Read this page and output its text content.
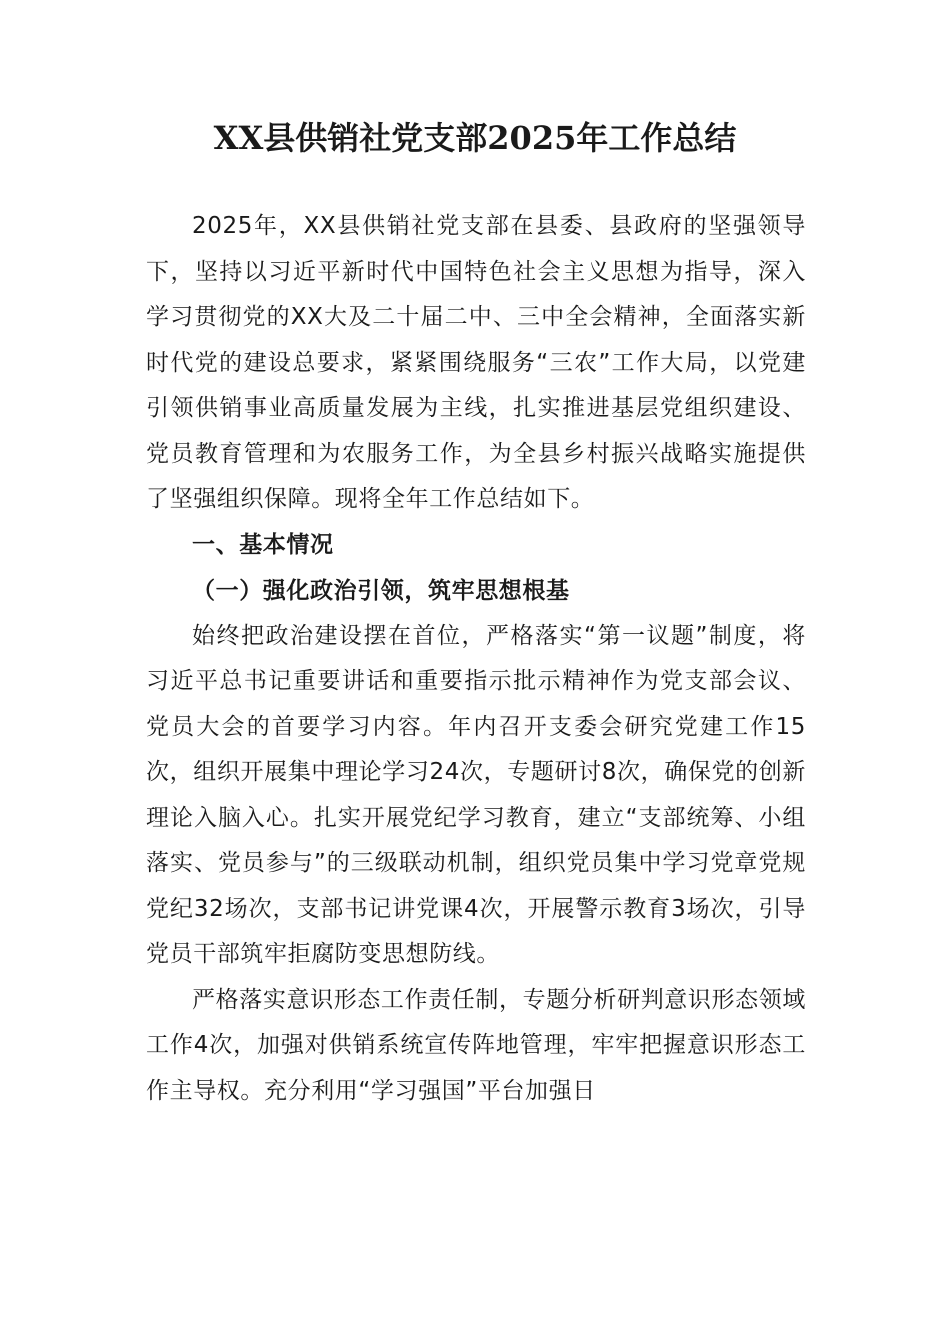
XX县供销社党支部2025年工作总结

2025年，XX县供销社党支部在县委、县政府的坚强领导下，坚持以习近平新时代中国特色社会主义思想为指导，深入学习贯彻党的XX大及二十届二中、三中全会精神，全面落实新时代党的建设总要求，紧紧围绕服务“三农”工作大局，以党建引领供销事业高质量发展为主线，扎实推进基层党组织建设、党员教育管理和为农服务工作，为全县乡村振兴战略实施提供了坚强组织保障。现将全年工作总结如下。

一、基本情况

（一）强化政治引领，筑牢思想根基

始终把政治建设摆在首位，严格落实“第一议题”制度，将习近平总书记重要讲话和重要指示批示精神作为党支部会议、党员大会的首要学习内容。年内召开支委会研究党建工作15次，组织开展集中理论学习24次，专题研讨8次，确保党的创新理论入脑入心。扎实开展党纪学习教育，建立“支部统筹、小组落实、党员参与”的三级联动机制，组织党员集中学习党章党规党纪32场次，支部书记讲党课4次，开展警示教育3场次，引导党员干部筑牢拒腐防变思想防线。

严格落实意识形态工作责任制，专题分析研判意识形态领域工作4次，加强对供销系统宣传阵地管理，牢牢把握意识形态工作主导权。充分利用“学习强国”平台加强日
